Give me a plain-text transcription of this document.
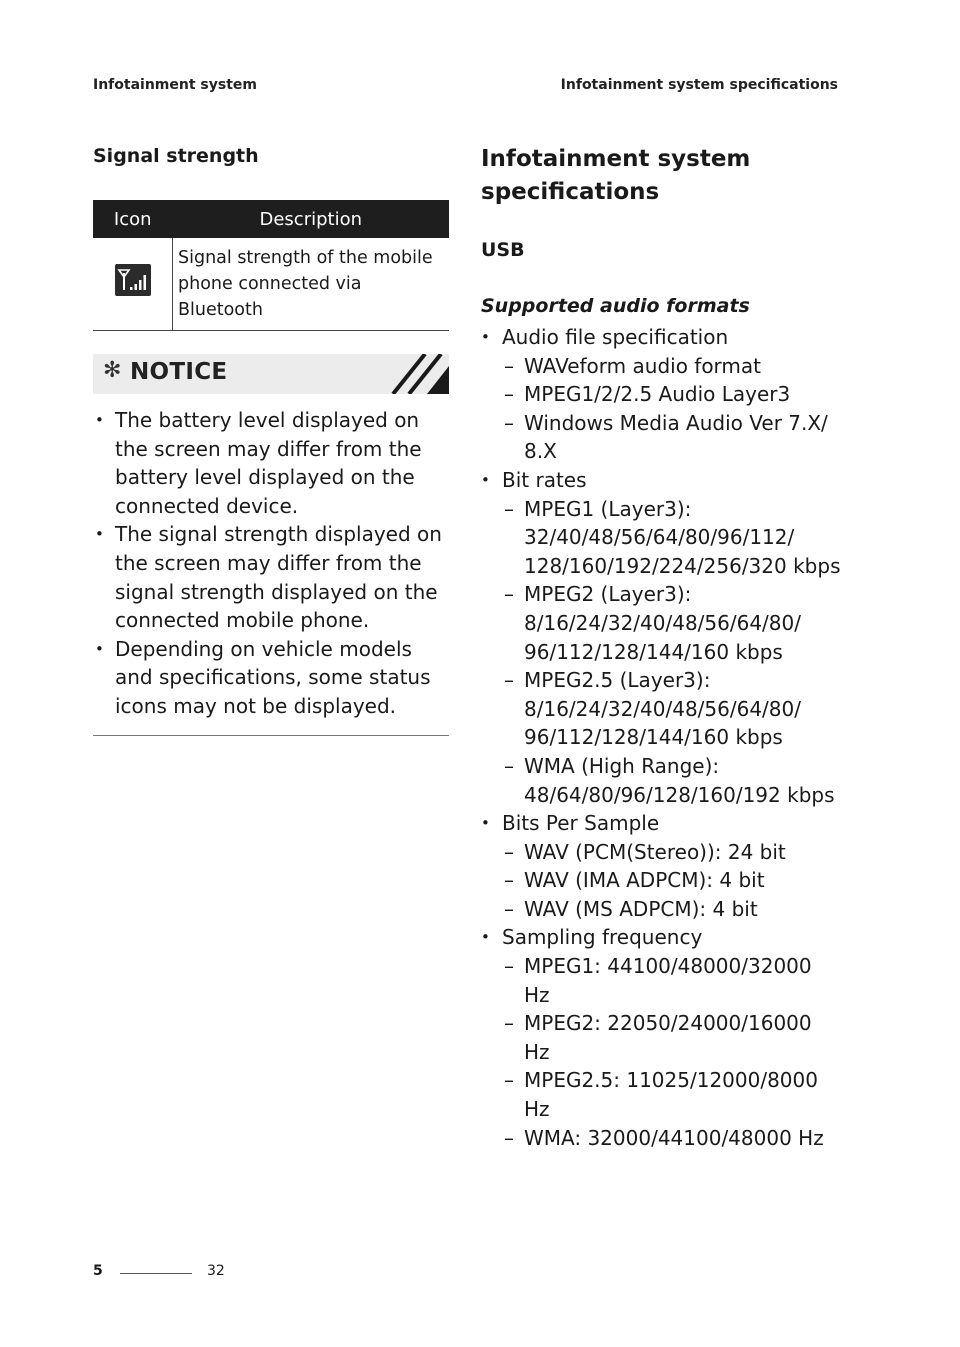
Infotainment system	Infotainment system specifications
Signal strength
Icon	Description
	Signal strength of the mobile phone connected via Bluetooth
✻ NOTICE
• The battery level displayed on the screen may differ from the battery level displayed on the connected device.
• The signal strength displayed on the screen may differ from the signal strength displayed on the connected mobile phone.
• Depending on vehicle models and specifications, some status icons may not be displayed.
Infotainment system specifications
USB
Supported audio formats
• Audio file specification
– WAVeform audio format
– MPEG1/2/2.5 Audio Layer3
– Windows Media Audio Ver 7.X/ 8.X
• Bit rates
– MPEG1 (Layer3): 32/40/48/56/64/80/96/112/ 128/160/192/224/256/320 kbps
– MPEG2 (Layer3): 8/16/24/32/40/48/56/64/80/ 96/112/128/144/160 kbps
– MPEG2.5 (Layer3): 8/16/24/32/40/48/56/64/80/ 96/112/128/144/160 kbps
– WMA (High Range): 48/64/80/96/128/160/192 kbps
• Bits Per Sample
– WAV (PCM(Stereo)): 24 bit
– WAV (IMA ADPCM): 4 bit
– WAV (MS ADPCM): 4 bit
• Sampling frequency
– MPEG1: 44100/48000/32000 Hz
– MPEG2: 22050/24000/16000 Hz
– MPEG2.5: 11025/12000/8000 Hz
– WMA: 32000/44100/48000 Hz
5	32
